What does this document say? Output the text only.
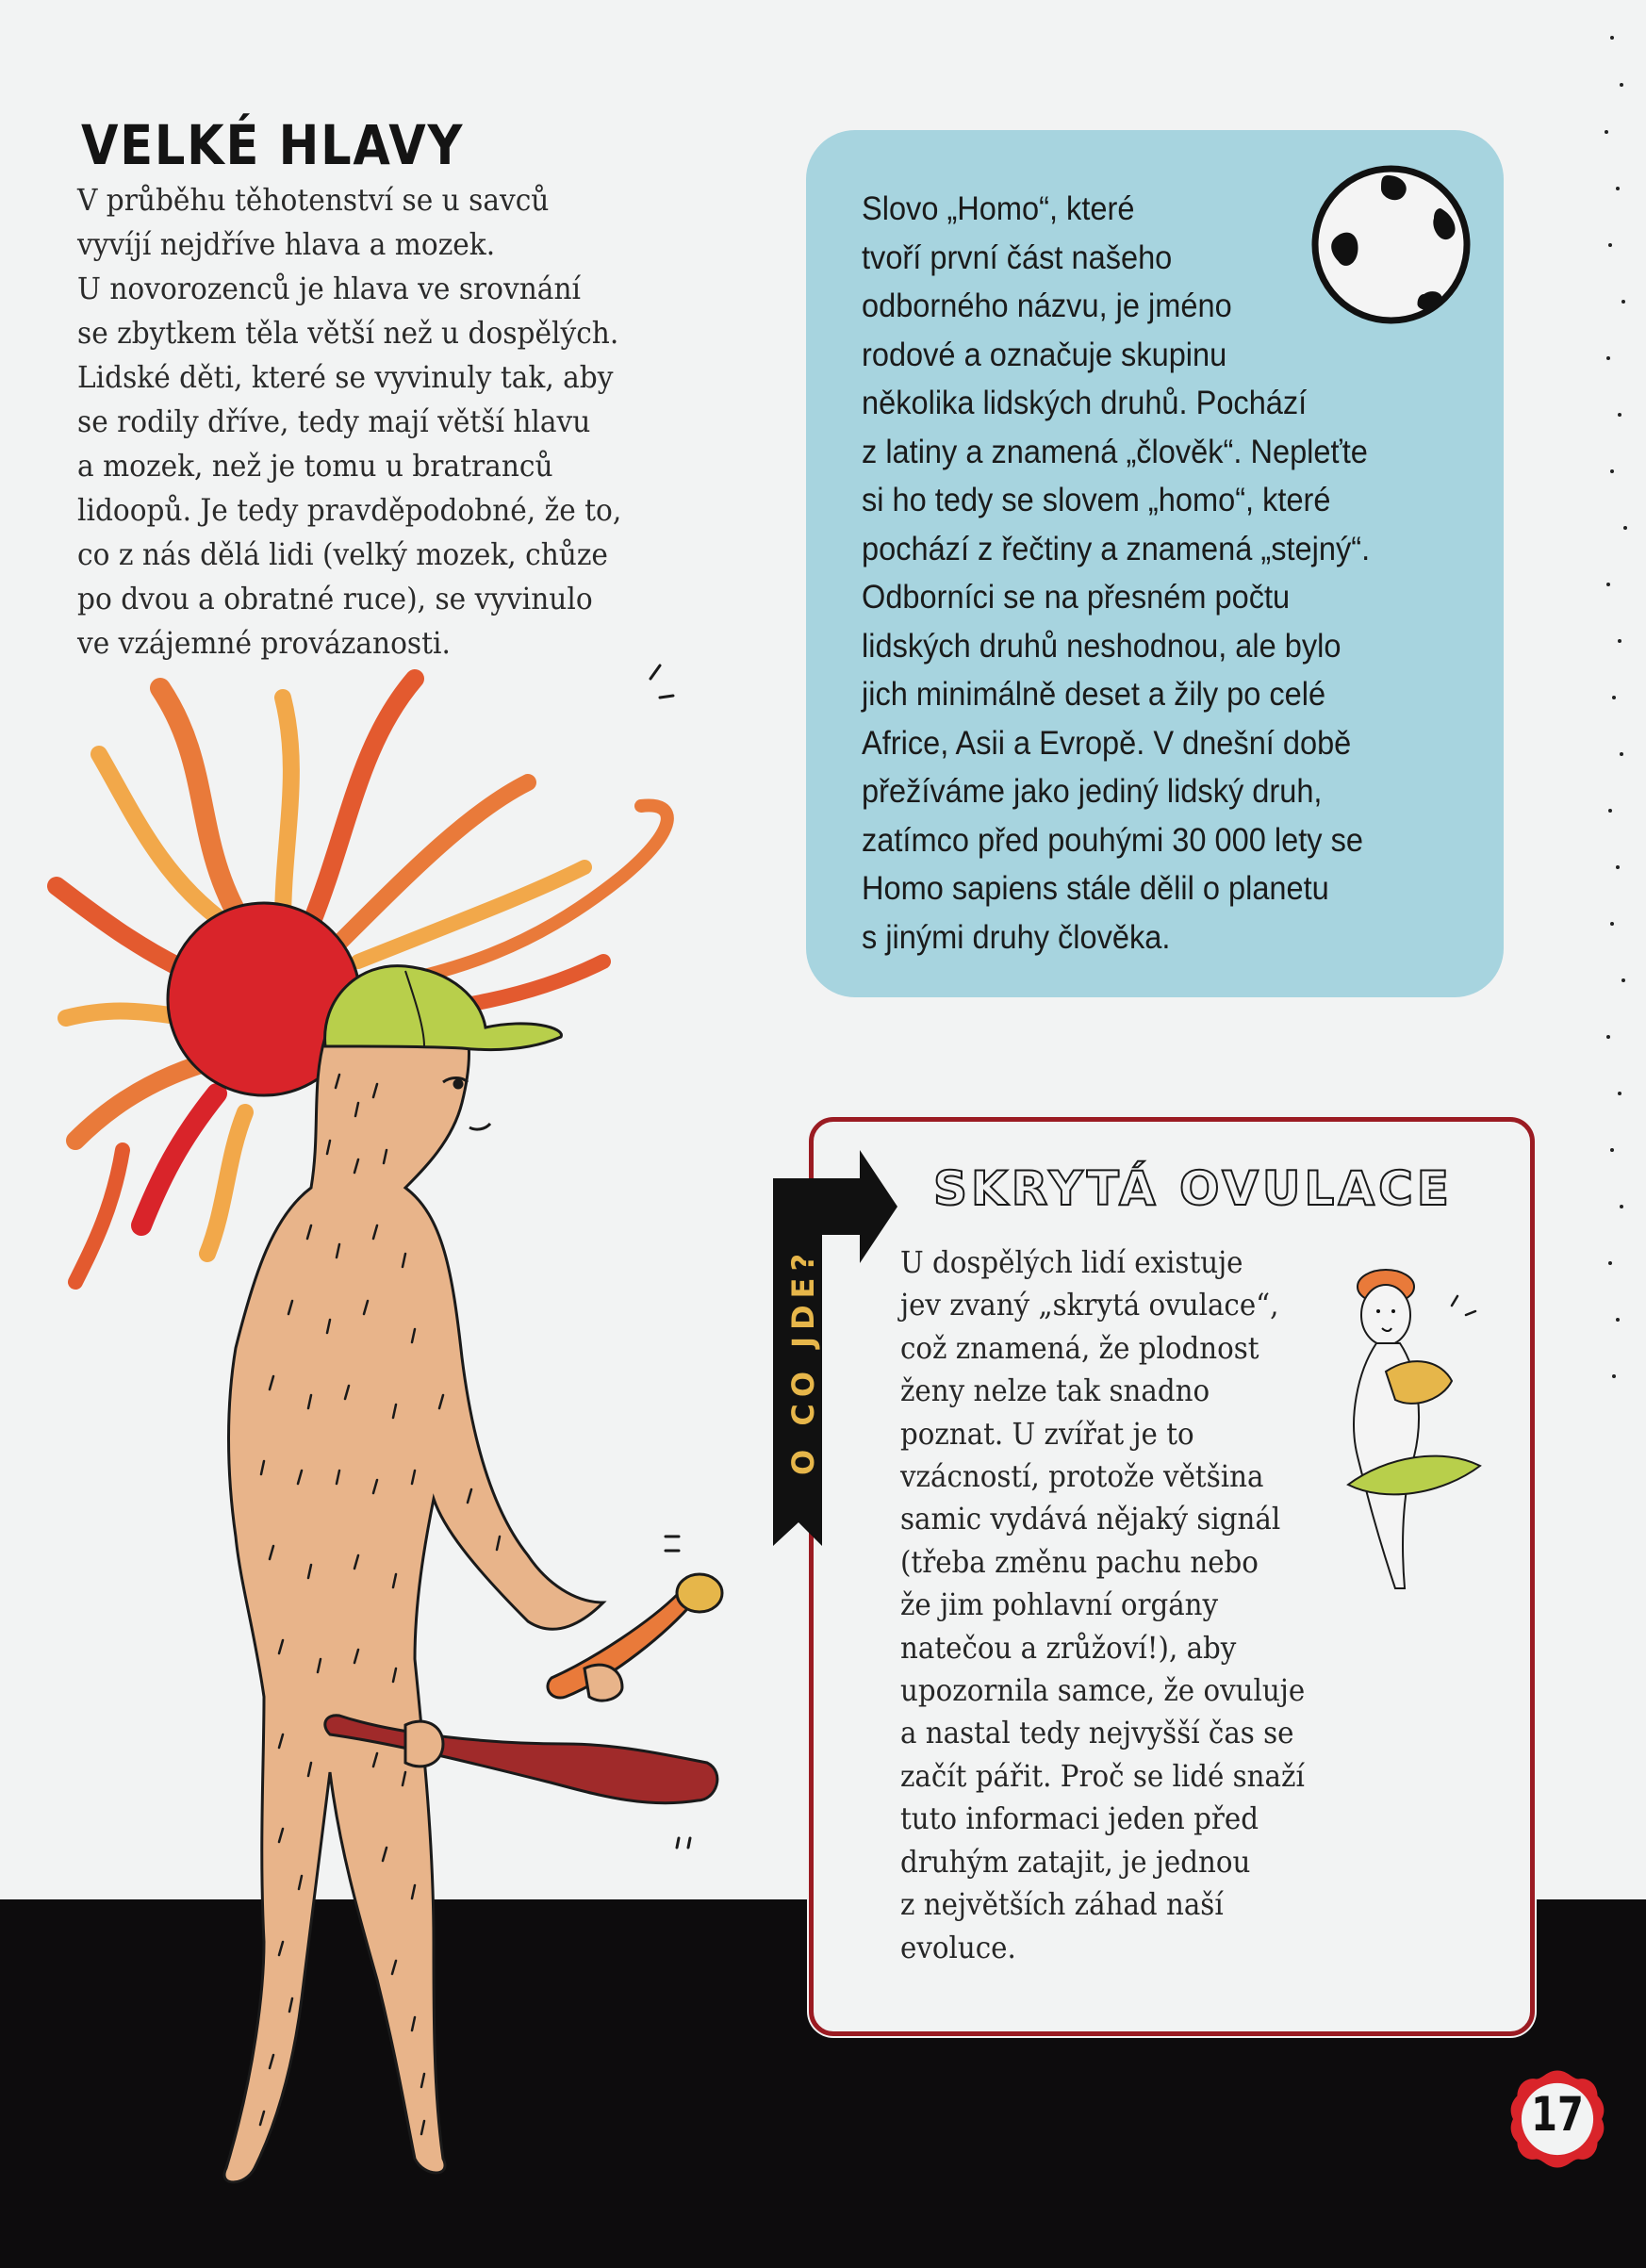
VELKÉ HLAVY

V průběhu těhotenství se u savců
vyvíjí nejdříve hlava a mozek.
U novorozenců je hlava ve srovnání
se zbytkem těla větší než u dospělých.
Lidské děti, které se vyvinuly tak, aby
se rodily dříve, tedy mají větší hlavu
a mozek, než je tomu u bratranců
lidoopů. Je tedy pravděpodobné, že to,
co z nás dělá lidi (velký mozek, chůze
po dvou a obratné ruce), se vyvinulo
ve vzájemné provázanosti.

Slovo „Homo“, které
tvoří první část našeho
odborného názvu, je jméno
rodové a označuje skupinu
několika lidských druhů. Pochází
z latiny a znamená „člověk“. Nepleťte
si ho tedy se slovem „homo“, které
pochází z řečtiny a znamená „stejný“.
Odborníci se na přesném počtu
lidských druhů neshodnou, ale bylo
jich minimálně deset a žily po celé
Africe, Asii a Evropě. V dnešní době
přežíváme jako jediný lidský druh,
zatímco před pouhými 30 000 lety se
Homo sapiens stále dělil o planetu
s jinými druhy člověka.

O CO JDE?

SKRYTÁ OVULACE

U dospělých lidí existuje
jev zvaný „skrytá ovulace“,
což znamená, že plodnost
ženy nelze tak snadno
poznat. U zvířat je to
vzácností, protože většina
samic vydává nějaký signál
(třeba změnu pachu nebo
že jim pohlavní orgány
natečou a zrůžoví!), aby
upozornila samce, že ovuluje
a nastal tedy nejvyšší čas se
začít pářit. Proč se lidé snaží
tuto informaci jeden před
druhým zatajit, je jednou
z největších záhad naší
evoluce.

17
